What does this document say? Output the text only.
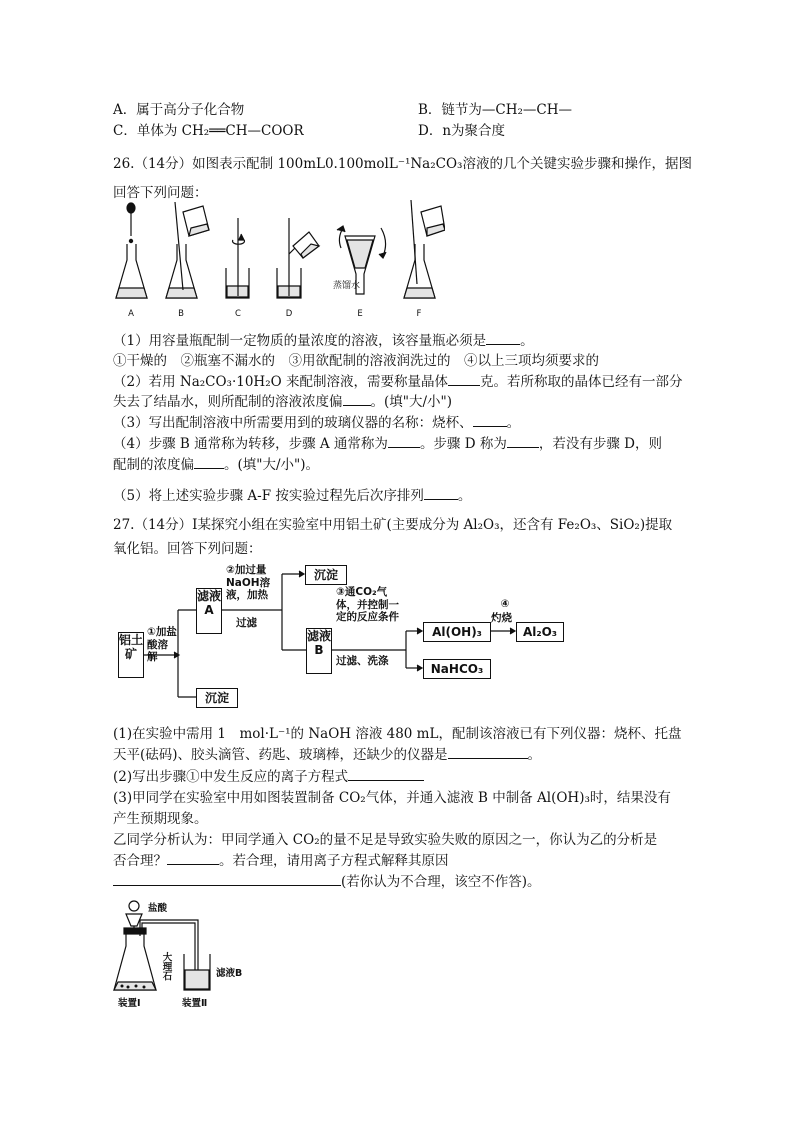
A．属于高分子化合物	B．链节为—CH₂—CH—
C．单体为 CH₂══CH—COOR	D．n为聚合度
26.（14分）如图表示配制 100mL0.100molL⁻¹Na₂CO₃溶液的几个关键实验步骤和操作，据图
回答下列问题：
蒸馏水
A	B	C	D	E	F
（1）用容量瓶配制一定物质的量浓度的溶液，该容量瓶必须是	。
①干燥的　②瓶塞不漏水的　③用欲配制的溶液润洗过的　④以上三项均须要求的
（2）若用 Na₂CO₃·10H₂O 来配制溶液，需要称量晶体 克。若所称取的晶体已经有一部分
失去了结晶水，则所配制的溶液浓度偏 。(填"大/小")
（3）写出配制溶液中所需要用到的玻璃仪器的名称：烧杯、	。
（4）步骤 B 通常称为转移，步骤 A 通常称为 。步骤 D 称为 ，若没有步骤 D，则
配制的浓度偏 。(填"大/小")。
（5）将上述实验步骤 A-F 按实验过程先后次序排列	。
27.（14分）I某探究小组在实验室中用铝土矿(主要成分为 Al₂O₃，还含有 Fe₂O₃、SiO₂)提取
氧化铝。回答下列问题：
铝土矿
①加盐酸溶解
滤液A
沉淀
②加过量NaOH溶液，加热
过滤
沉淀
滤液B
③通CO₂气体，并控制一定的反应条件
过滤、洗涤
Al(OH)₃
NaHCO₃
④
灼烧
Al₂O₃
(1)在实验中需用 1　mol·L⁻¹的 NaOH 溶液 480 mL，配制该溶液已有下列仪器：烧杯、托盘
天平(砝码)、胶头滴管、药匙、玻璃棒，还缺少的仪器是	。
(2)写出步骤①中发生反应的离子方程式
(3)甲同学在实验室中用如图装置制备 CO₂气体，并通入滤液 B 中制备 Al(OH)₃时，结果没有
产生预期现象。
乙同学分析认为：甲同学通入 CO₂的量不足是导致实验失败的原因之一，你认为乙的分析是
否合理？	。若合理，请用离子方程式解释其原因
(若你认为不合理，该空不作答)。
盐酸
大理石	滤液B
装置Ⅰ	装置Ⅱ
